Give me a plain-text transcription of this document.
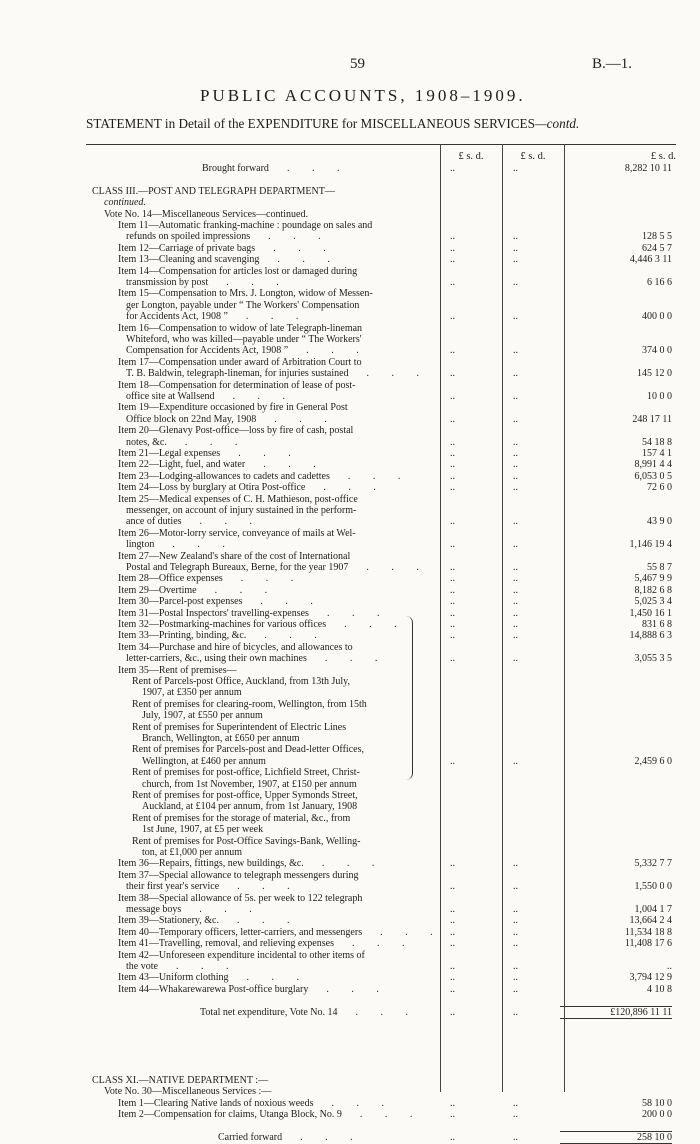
59	B.—1.
PUBLIC ACCOUNTS, 1908–1909.
STATEMENT in Detail of the EXPENDITURE for MISCELLANEOUS SERVICES—contd.
£ s. d.	£ s. d.	£ s. d.
Brought forward . . .	..	..	8,282 10 11
CLASS III.—POST AND TELEGRAPH DEPARTMENT—
continued.
Vote No. 14—Miscellaneous Services—continued.
Item 11—Automatic franking-machine : poundage on sales and
refunds on spoiled impressions . . .	..	..	128 5 5
Item 12—Carriage of private bags . . .	..	..	624 5 7
Item 13—Cleaning and scavenging . . .	..	..	4,446 3 11
Item 14—Compensation for articles lost or damaged during
transmission by post . . .	..	..	6 16 6
Item 15—Compensation to Mrs. J. Longton, widow of Messen-
ger Longton, payable under “ The Workers' Compensation
for Accidents Act, 1908 ” . . .	..	..	400 0 0
Item 16—Compensation to widow of late Telegraph-lineman
Whiteford, who was killed—payable under “ The Workers'
Compensation for Accidents Act, 1908 ” . . .	..	..	374 0 0
Item 17—Compensation under award of Arbitration Court to
T. B. Baldwin, telegraph-lineman, for injuries sustained . . . ..	..	145 12 0
Item 18—Compensation for determination of lease of post-
office site at Wallsend . . .	..	..	10 0 0
Item 19—Expenditure occasioned by fire in General Post
Office block on 22nd May, 1908 . . .	..	..	248 17 11
Item 20—Glenavy Post-office—loss by fire of cash, postal
notes, &c. . . .	..	..	54 18 8
Item 21—Legal expenses . . .	..	..	157 4 1
Item 22—Light, fuel, and water . . .	..	..	8,991 4 4
Item 23—Lodging-allowances to cadets and cadettes . . .	..	..	6,053 0 5
Item 24—Loss by burglary at Otira Post-office . . .	..	..	72 6 0
Item 25—Medical expenses of C. H. Mathieson, post-office
messenger, on account of injury sustained in the perform-
ance of duties . . .	..	..	43 9 0
Item 26—Motor-lorry service, conveyance of mails at Wel-
lington . . .	..	..	1,146 19 4
Item 27—New Zealand's share of the cost of International
Postal and Telegraph Bureaux, Berne, for the year 1907 . . . ..	..	55 8 7
Item 28—Office expenses . . .	..	..	5,467 9 9
Item 29—Overtime . . .	..	..	8,182 6 8
Item 30—Parcel-post expenses . . .	..	..	5,025 3 4
Item 31—Postal Inspectors' travelling-expenses . . .	..	..	1,450 16 1
Item 32—Postmarking-machines for various offices . . .	..	..	831 6 8
Item 33—Printing, binding, &c. . . .	..	..	14,888 6 3
Item 34—Purchase and hire of bicycles, and allowances to
letter-carriers, &c., using their own machines . . .	..	..	3,055 3 5
Item 35—Rent of premises—
Rent of Parcels-post Office, Auckland, from 13th July,
1907, at £350 per annum
Rent of premises for clearing-room, Wellington, from 15th
July, 1907, at £550 per annum
Rent of premises for Superintendent of Electric Lines
Branch, Wellington, at £650 per annum
Rent of premises for Parcels-post and Dead-letter Offices,
Wellington, at £460 per annum	..	..	2,459 6 0
Rent of premises for post-office, Lichfield Street, Christ-
church, from 1st November, 1907, at £150 per annum
Rent of premises for post-office, Upper Symonds Street,
Auckland, at £104 per annum, from 1st January, 1908
Rent of premises for the storage of material, &c., from
1st June, 1907, at £5 per week
Rent of premises for Post-Office Savings-Bank, Welling-
ton, at £1,000 per annum
Item 36—Repairs, fittings, new buildings, &c. . . .	..	..	5,332 7 7
Item 37—Special allowance to telegraph messengers during
their first year's service . . .	..	..	1,550 0 0
Item 38—Special allowance of 5s. per week to 122 telegraph
message boys . . .	..	..	1,004 1 7
Item 39—Stationery, &c. . . .	..	..	13,664 2 4
Item 40—Temporary officers, letter-carriers, and messengers . . . ..	..	11,534 18 8
Item 41—Travelling, removal, and relieving expenses . . .	..	..	11,408 17 6
Item 42—Unforeseen expenditure incidental to other items of
the vote . . .	..	..	..
Item 43—Uniform clothing . . .	..	..	3,794 12 9
Item 44—Whakarewarewa Post-office burglary . . .	..	..	4 10 8
Total net expenditure, Vote No. 14 . . .	..	..	£120,896 11 11
CLASS XI.—NATIVE DEPARTMENT :—
Vote No. 30—Miscellaneous Services :—
Item 1—Clearing Native lands of noxious weeds . . .	..	..	58 10 0
Item 2—Compensation for claims, Utanga Block, No. 9 . . .	..	..	200 0 0
Carried forward . . .	..	..	258 10 0
